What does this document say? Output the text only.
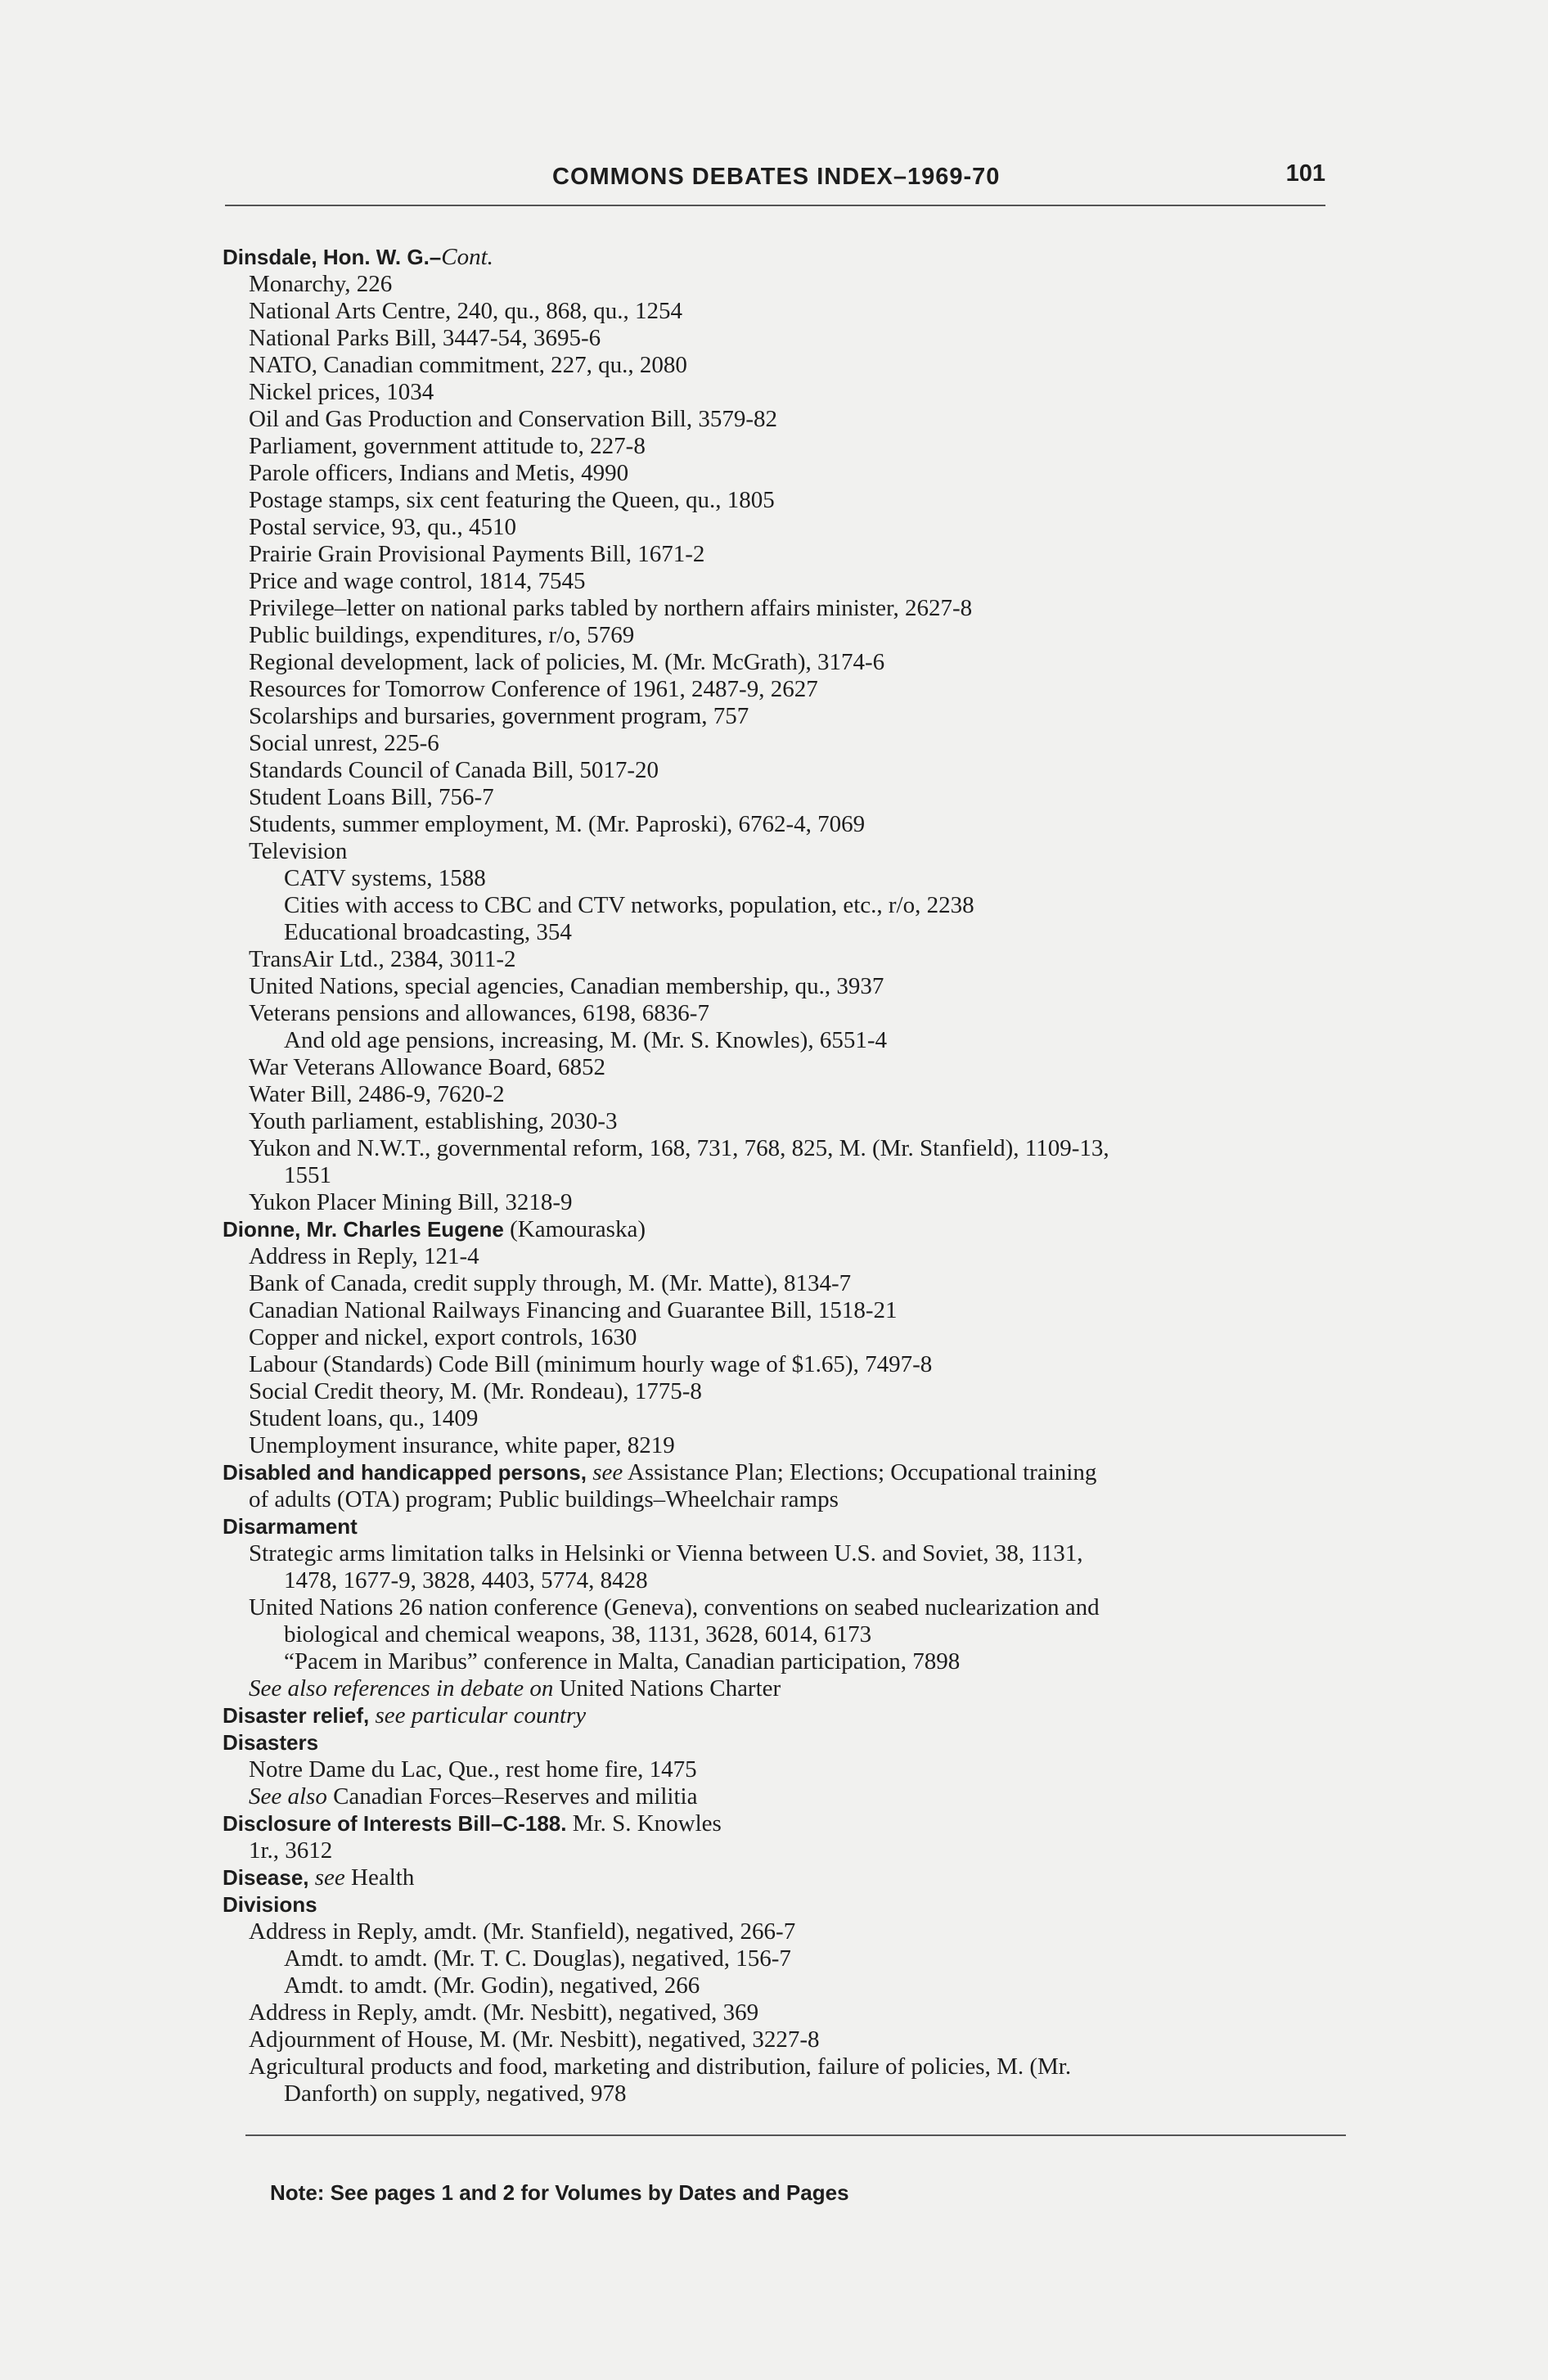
COMMONS DEBATES INDEX–1969-70	101
Dinsdale, Hon. W. G.–Cont.
Monarchy, 226
National Arts Centre, 240, qu., 868, qu., 1254
National Parks Bill, 3447-54, 3695-6
NATO, Canadian commitment, 227, qu., 2080
Nickel prices, 1034
Oil and Gas Production and Conservation Bill, 3579-82
Parliament, government attitude to, 227-8
Parole officers, Indians and Metis, 4990
Postage stamps, six cent featuring the Queen, qu., 1805
Postal service, 93, qu., 4510
Prairie Grain Provisional Payments Bill, 1671-2
Price and wage control, 1814, 7545
Privilege–letter on national parks tabled by northern affairs minister, 2627-8
Public buildings, expenditures, r/o, 5769
Regional development, lack of policies, M. (Mr. McGrath), 3174-6
Resources for Tomorrow Conference of 1961, 2487-9, 2627
Scolarships and bursaries, government program, 757
Social unrest, 225-6
Standards Council of Canada Bill, 5017-20
Student Loans Bill, 756-7
Students, summer employment, M. (Mr. Paproski), 6762-4, 7069
Television
CATV systems, 1588
Cities with access to CBC and CTV networks, population, etc., r/o, 2238
Educational broadcasting, 354
TransAir Ltd., 2384, 3011-2
United Nations, special agencies, Canadian membership, qu., 3937
Veterans pensions and allowances, 6198, 6836-7
And old age pensions, increasing, M. (Mr. S. Knowles), 6551-4
War Veterans Allowance Board, 6852
Water Bill, 2486-9, 7620-2
Youth parliament, establishing, 2030-3
Yukon and N.W.T., governmental reform, 168, 731, 768, 825, M. (Mr. Stanfield), 1109-13,
1551
Yukon Placer Mining Bill, 3218-9
Dionne, Mr. Charles Eugene (Kamouraska)
Address in Reply, 121-4
Bank of Canada, credit supply through, M. (Mr. Matte), 8134-7
Canadian National Railways Financing and Guarantee Bill, 1518-21
Copper and nickel, export controls, 1630
Labour (Standards) Code Bill (minimum hourly wage of $1.65), 7497-8
Social Credit theory, M. (Mr. Rondeau), 1775-8
Student loans, qu., 1409
Unemployment insurance, white paper, 8219
Disabled and handicapped persons, see Assistance Plan; Elections; Occupational training
of adults (OTA) program; Public buildings–Wheelchair ramps
Disarmament
Strategic arms limitation talks in Helsinki or Vienna between U.S. and Soviet, 38, 1131,
1478, 1677-9, 3828, 4403, 5774, 8428
United Nations 26 nation conference (Geneva), conventions on seabed nuclearization and
biological and chemical weapons, 38, 1131, 3628, 6014, 6173
“Pacem in Maribus” conference in Malta, Canadian participation, 7898
See also references in debate on United Nations Charter
Disaster relief, see particular country
Disasters
Notre Dame du Lac, Que., rest home fire, 1475
See also Canadian Forces–Reserves and militia
Disclosure of Interests Bill–C-188. Mr. S. Knowles
1r., 3612
Disease, see Health
Divisions
Address in Reply, amdt. (Mr. Stanfield), negatived, 266-7
Amdt. to amdt. (Mr. T. C. Douglas), negatived, 156-7
Amdt. to amdt. (Mr. Godin), negatived, 266
Address in Reply, amdt. (Mr. Nesbitt), negatived, 369
Adjournment of House, M. (Mr. Nesbitt), negatived, 3227-8
Agricultural products and food, marketing and distribution, failure of policies, M. (Mr.
Danforth) on supply, negatived, 978
Note: See pages 1 and 2 for Volumes by Dates and Pages
